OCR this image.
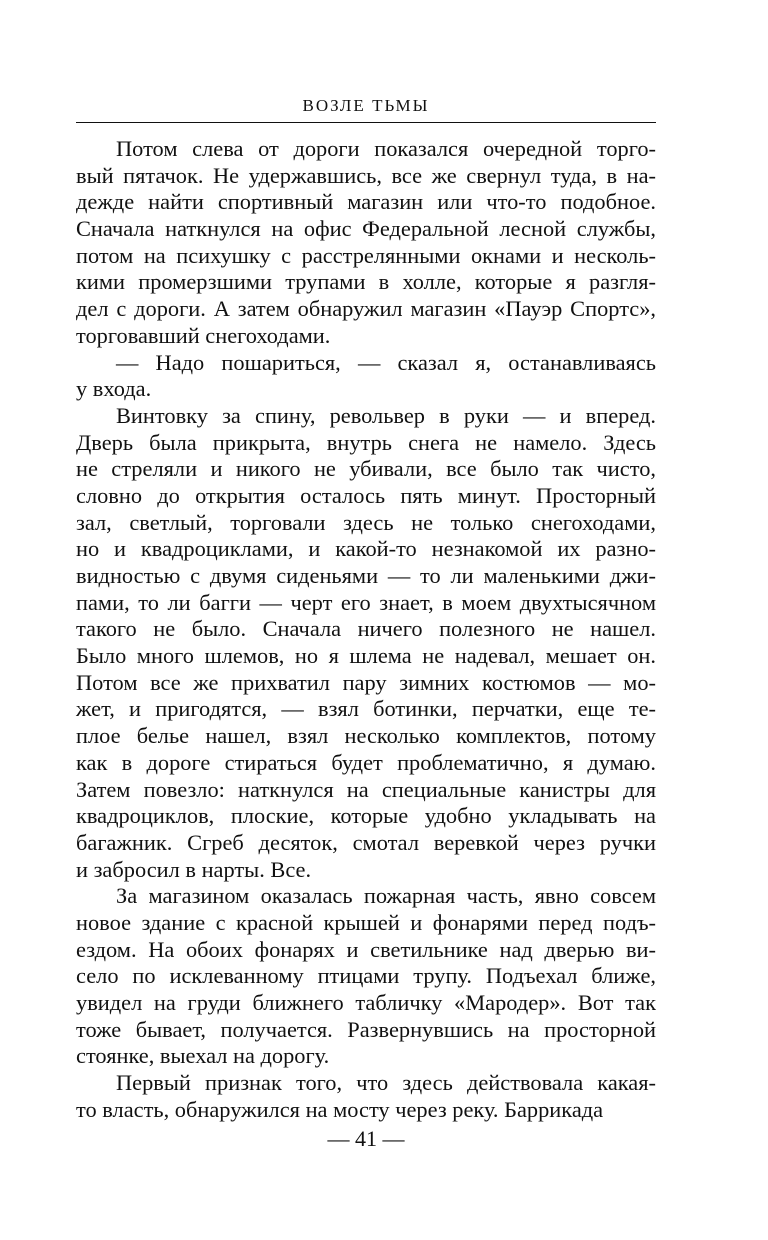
ВОЗЛЕ ТЬМЫ
Потом слева от дороги показался очередной торго-
вый пятачок. Не удержавшись, все же свернул туда, в на-
дежде найти спортивный магазин или что-то подобное.
Сначала наткнулся на офис Федеральной лесной службы,
потом на психушку с расстрелянными окнами и несколь-
кими промерзшими трупами в холле, которые я разгля-
дел с дороги. А затем обнаружил магазин «Пауэр Спортс»,
торговавший снегоходами.
— Надо пошариться, — сказал я, останавливаясь
у входа.
Винтовку за спину, револьвер в руки — и вперед.
Дверь была прикрыта, внутрь снега не намело. Здесь
не стреляли и никого не убивали, все было так чисто,
словно до открытия осталось пять минут. Просторный
зал, светлый, торговали здесь не только снегоходами,
но и квадроциклами, и какой-то незнакомой их разно-
видностью с двумя сиденьями — то ли маленькими джи-
пами, то ли багги — черт его знает, в моем двухтысячном
такого не было. Сначала ничего полезного не нашел.
Было много шлемов, но я шлема не надевал, мешает он.
Потом все же прихватил пару зимних костюмов — мо-
жет, и пригодятся, — взял ботинки, перчатки, еще те-
плое белье нашел, взял несколько комплектов, потому
как в дороге стираться будет проблематично, я думаю.
Затем повезло: наткнулся на специальные канистры для
квадроциклов, плоские, которые удобно укладывать на
багажник. Сгреб десяток, смотал веревкой через ручки
и забросил в нарты. Все.
За магазином оказалась пожарная часть, явно совсем
новое здание с красной крышей и фонарями перед подъ-
ездом. На обоих фонарях и светильнике над дверью ви-
село по исклеванному птицами трупу. Подъехал ближе,
увидел на груди ближнего табличку «Мародер». Вот так
тоже бывает, получается. Развернувшись на просторной
стоянке, выехал на дорогу.
Первый признак того, что здесь действовала какая-
то власть, обнаружился на мосту через реку. Баррикада
— 41 —
